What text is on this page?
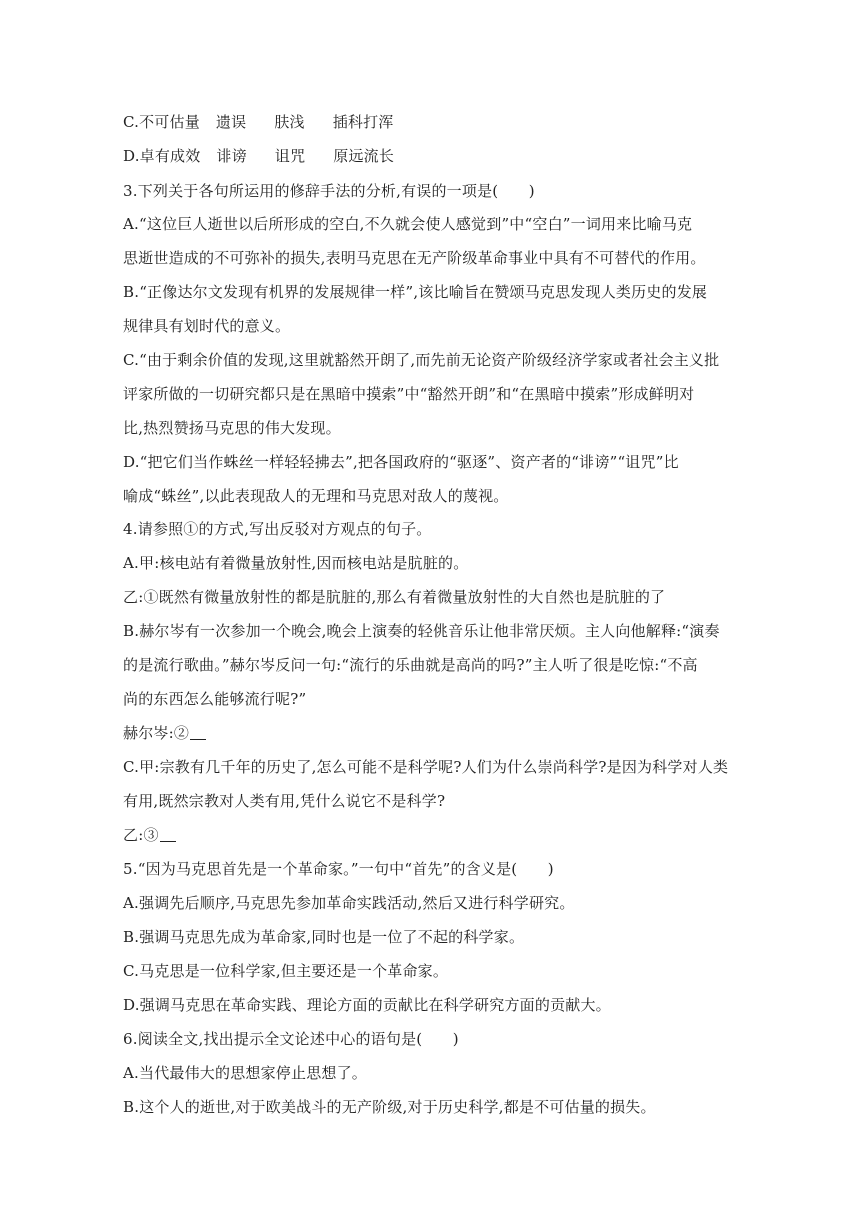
C.不可估量 遗误 肤浅 插科打浑
D.卓有成效 诽谤 诅咒 原远流长
3.下列关于各句所运用的修辞手法的分析,有误的一项是(　　)
A.“这位巨人逝世以后所形成的空白,不久就会使人感觉到”中“空白”一词用来比喻马克
思逝世造成的不可弥补的损失,表明马克思在无产阶级革命事业中具有不可替代的作用。
B.“正像达尔文发现有机界的发展规律一样”,该比喻旨在赞颂马克思发现人类历史的发展
规律具有划时代的意义。
C.“由于剩余价值的发现,这里就豁然开朗了,而先前无论资产阶级经济学家或者社会主义批
评家所做的一切研究都只是在黑暗中摸索”中“豁然开朗”和“在黑暗中摸索”形成鲜明对
比,热烈赞扬马克思的伟大发现。
D.“把它们当作蛛丝一样轻轻拂去”,把各国政府的“驱逐”、资产者的“诽谤”“诅咒”比
喻成“蛛丝”,以此表现敌人的无理和马克思对敌人的蔑视。
4.请参照①的方式,写出反驳对方观点的句子。
A.甲:核电站有着微量放射性,因而核电站是肮脏的。
乙:①既然有微量放射性的都是肮脏的,那么有着微量放射性的大自然也是肮脏的了
B.赫尔岑有一次参加一个晚会,晚会上演奏的轻佻音乐让他非常厌烦。主人向他解释:“演奏
的是流行歌曲。”赫尔岑反问一句:“流行的乐曲就是高尚的吗?”主人听了很是吃惊:“不高
尚的东西怎么能够流行呢?”
赫尔岑:②
C.甲:宗教有几千年的历史了,怎么可能不是科学呢?人们为什么崇尚科学?是因为科学对人类
有用,既然宗教对人类有用,凭什么说它不是科学?
乙:③
5.“因为马克思首先是一个革命家。”一句中“首先”的含义是(　　)
A.强调先后顺序,马克思先参加革命实践活动,然后又进行科学研究。
B.强调马克思先成为革命家,同时也是一位了不起的科学家。
C.马克思是一位科学家,但主要还是一个革命家。
D.强调马克思在革命实践、理论方面的贡献比在科学研究方面的贡献大。
6.阅读全文,找出提示全文论述中心的语句是(　　)
A.当代最伟大的思想家停止思想了。
B.这个人的逝世,对于欧美战斗的无产阶级,对于历史科学,都是不可估量的损失。
